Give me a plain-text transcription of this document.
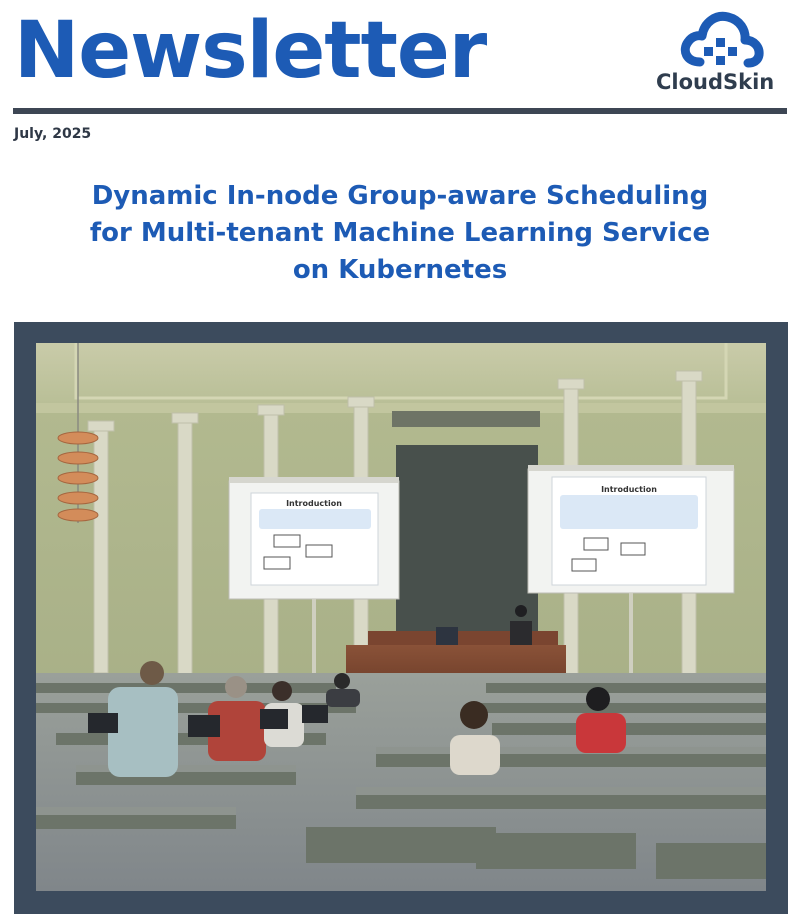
Newsletter	CloudSkin
July, 2025
Dynamic In-node Group-aware Scheduling
for Multi-tenant Machine Learning Service
on Kubernetes
Introduction
Introduction
